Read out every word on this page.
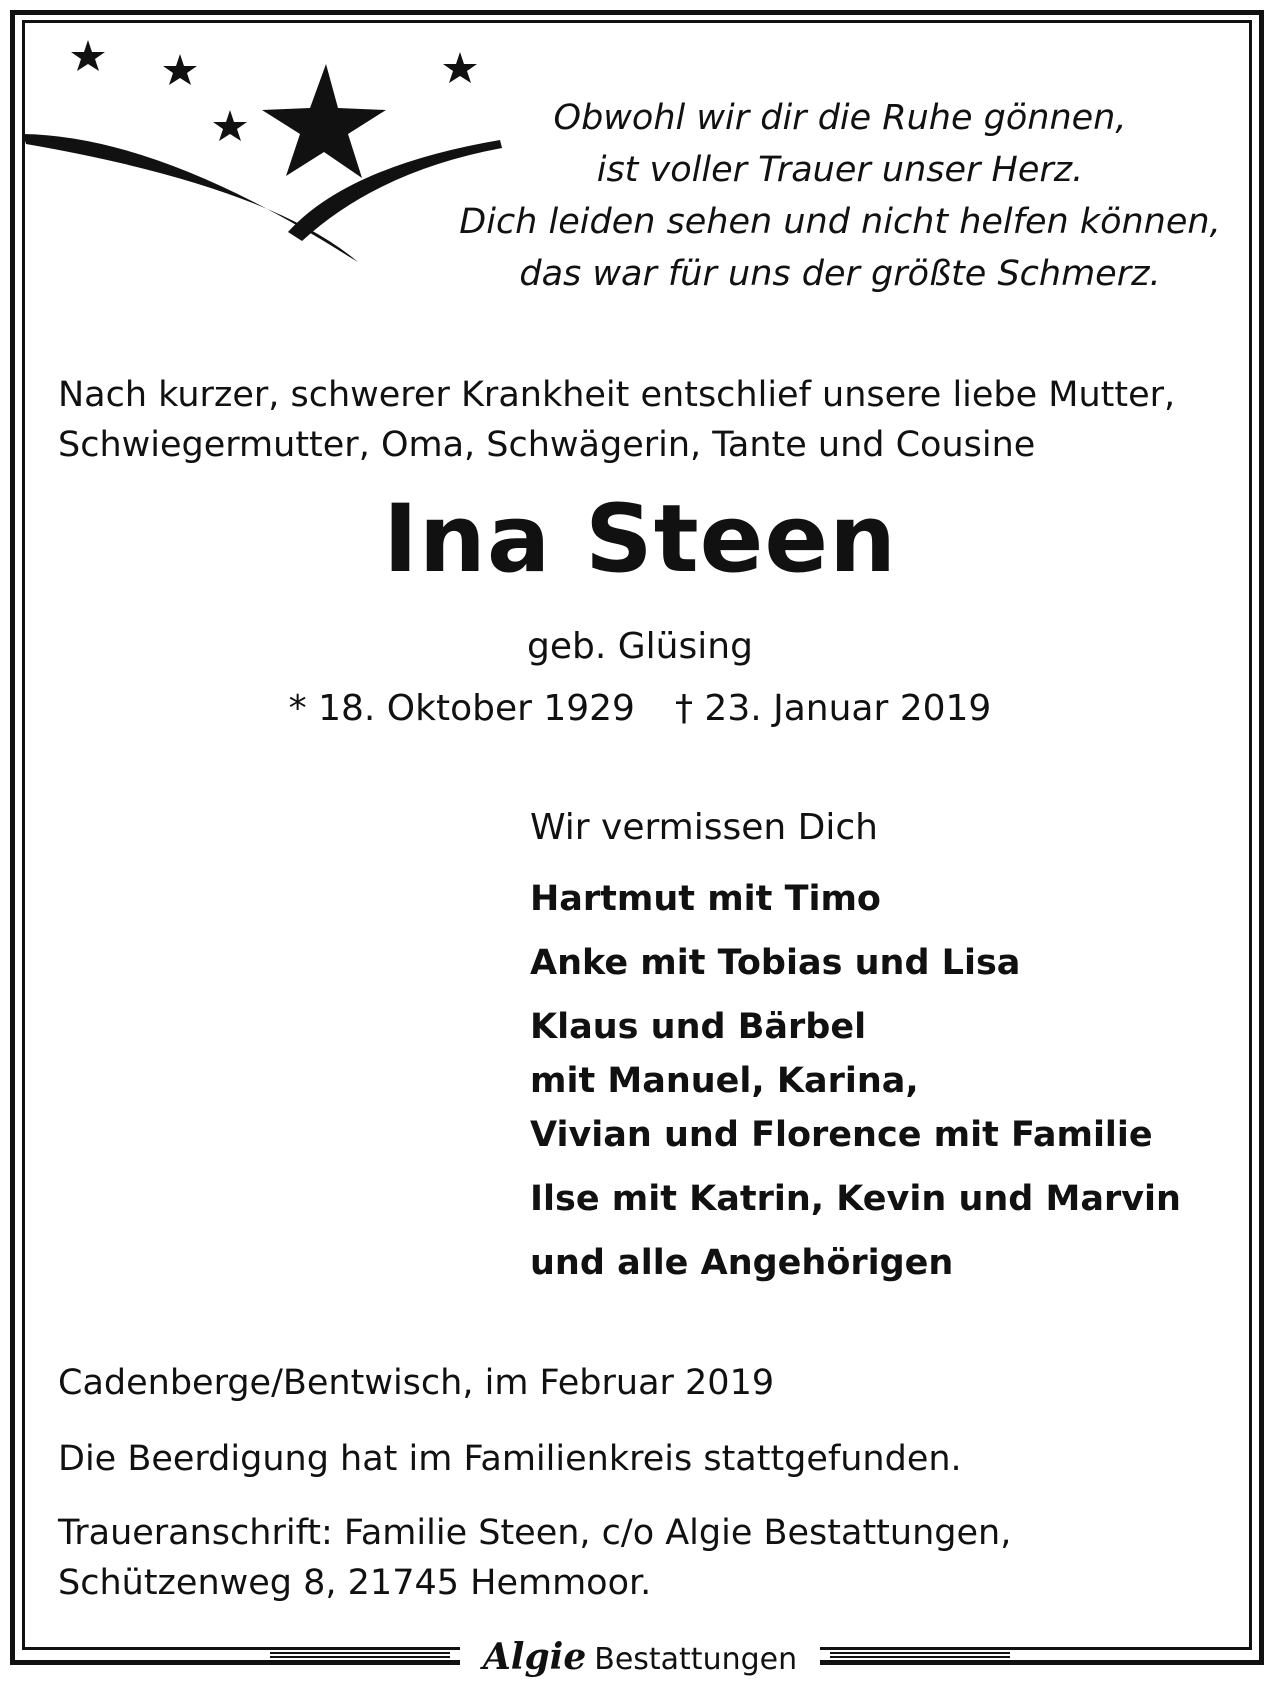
Obwohl wir dir die Ruhe gönnen,
ist voller Trauer unser Herz.
Dich leiden sehen und nicht helfen können,
das war für uns der größte Schmerz.
Nach kurzer, schwerer Krankheit entschlief unsere liebe Mutter,
Schwiegermutter, Oma, Schwägerin, Tante und Cousine
Ina Steen
geb. Glüsing
* 18. Oktober 1929 † 23. Januar 2019
Wir vermissen Dich
Hartmut mit Timo
Anke mit Tobias und Lisa
Klaus und Bärbel
mit Manuel, Karina,
Vivian und Florence mit Familie
Ilse mit Katrin, Kevin und Marvin
und alle Angehörigen
Cadenberge/Bentwisch, im Februar 2019
Die Beerdigung hat im Familienkreis stattgefunden.
Traueranschrift: Familie Steen, c/o Algie Bestattungen,
Schützenweg 8, 21745 Hemmoor.
Algie Bestattungen
